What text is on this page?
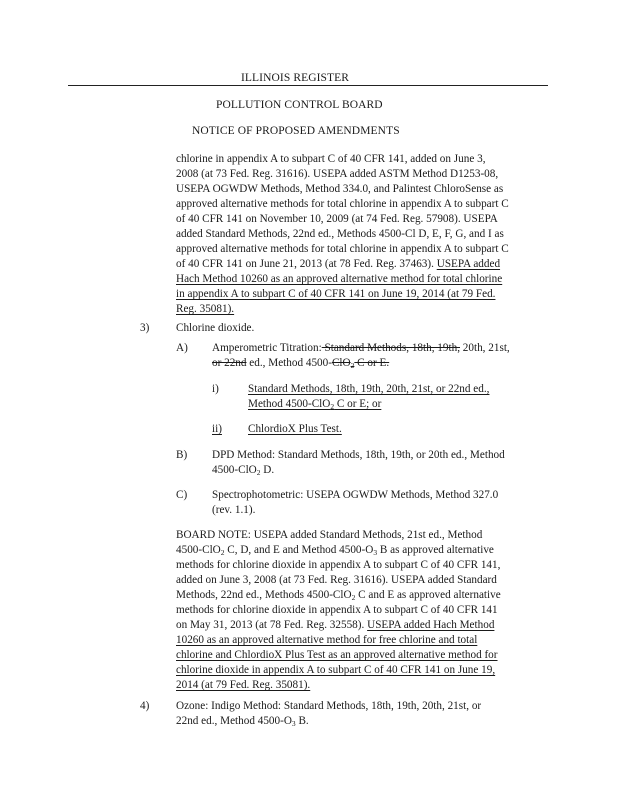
ILLINOIS REGISTER
POLLUTION CONTROL BOARD
NOTICE OF PROPOSED AMENDMENTS
chlorine in appendix A to subpart C of 40 CFR 141, added on June 3,
2008 (at 73 Fed. Reg. 31616). USEPA added ASTM Method D1253-08,
USEPA OGWDW Methods, Method 334.0, and Palintest ChloroSense as
approved alternative methods for total chlorine in appendix A to subpart C
of 40 CFR 141 on November 10, 2009 (at 74 Fed. Reg. 57908). USEPA
added Standard Methods, 22nd ed., Methods 4500-Cl D, E, F, G, and I as
approved alternative methods for total chlorine in appendix A to subpart C
of 40 CFR 141 on June 21, 2013 (at 78 Fed. Reg. 37463). USEPA added
Hach Method 10260 as an approved alternative method for total chlorine
in appendix A to subpart C of 40 CFR 141 on June 19, 2014 (at 79 Fed.
Reg. 35081).
3) Chlorine dioxide.
A) Amperometric Titration: Standard Methods, 18th, 19th, 20th, 21st,
or 22nd ed., Method 4500-ClO$_2$ C or E.
i)	Standard Methods, 18th, 19th, 20th, 21st, or 22nd ed.,
Method 4500-ClO$_2$ C or E; or
ii) ChlordioX Plus Test.
B) DPD Method: Standard Methods, 18th, 19th, or 20th ed., Method
4500-ClO$_2$ D.
C) Spectrophotometric: USEPA OGWDW Methods, Method 327.0
(rev. 1.1).
BOARD NOTE: USEPA added Standard Methods, 21st ed., Method
4500-ClO$_2$ C, D, and E and Method $4500-O_3$ B as approved alternative
methods for chlorine dioxide in appendix A to subpart C of 40 CFR 141,
added on June 3, 2008 (at 73 Fed. Reg. 31616). USEPA added Standard
Methods, 22nd ed., Methods 4500-ClO$_2$ C and E as approved alternative
methods for chlorine dioxide in appendix A to subpart C of 40 CFR 141
on May 31, 2013 (at 78 Fed. Reg. 32558). USEPA added Hach Method
10260 as an approved alternative method for free chlorine and total
chlorine and ChlordioX Plus Test as an approved alternative method for
chlorine dioxide in appendix A to subpart C of 40 CFR 141 on June 19,
2014 (at 79 Fed. Reg. 35081).
4) Ozone: Indigo Method: Standard Methods, 18th, 19th, 20th, 21st, or
22nd ed., Method $4500-O_3$ B.
